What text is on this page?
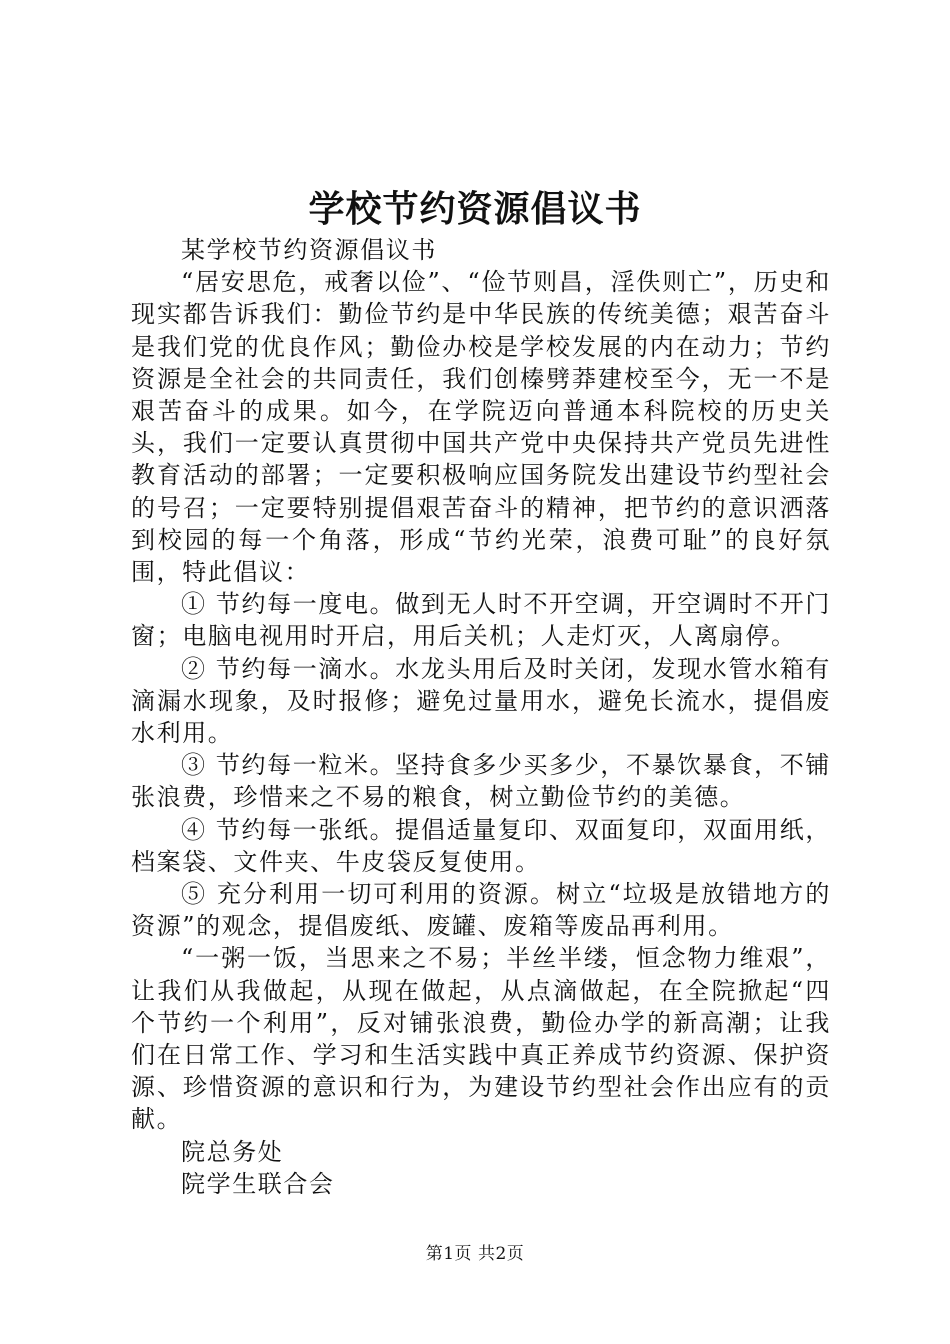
学校节约资源倡议书

某学校节约资源倡议书

“居安思危，戒奢以俭”、“俭节则昌，淫佚则亡”，历史和现实都告诉我们：勤俭节约是中华民族的传统美德；艰苦奋斗是我们党的优良作风；勤俭办校是学校发展的内在动力；节约资源是全社会的共同责任，我们创榛劈莽建校至今，无一不是艰苦奋斗的成果。如今，在学院迈向普通本科院校的历史关头，我们一定要认真贯彻中国共产党中央保持共产党员先进性教育活动的部署；一定要积极响应国务院发出建设节约型社会的号召；一定要特别提倡艰苦奋斗的精神，把节约的意识洒落到校园的每一个角落，形成“节约光荣，浪费可耻”的良好氛围，特此倡议：

① 节约每一度电。做到无人时不开空调，开空调时不开门窗；电脑电视用时开启，用后关机；人走灯灭，人离扇停。

② 节约每一滴水。水龙头用后及时关闭，发现水管水箱有滴漏水现象，及时报修；避免过量用水，避免长流水，提倡废水利用。

③ 节约每一粒米。坚持食多少买多少，不暴饮暴食，不铺张浪费，珍惜来之不易的粮食，树立勤俭节约的美德。

④ 节约每一张纸。提倡适量复印、双面复印，双面用纸，档案袋、文件夹、牛皮袋反复使用。

⑤ 充分利用一切可利用的资源。树立“垃圾是放错地方的资源”的观念，提倡废纸、废罐、废箱等废品再利用。

“一粥一饭，当思来之不易；半丝半缕，恒念物力维艰”，让我们从我做起，从现在做起，从点滴做起，在全院掀起“四个节约一个利用”，反对铺张浪费，勤俭办学的新高潮；让我们在日常工作、学习和生活实践中真正养成节约资源、保护资源、珍惜资源的意识和行为，为建设节约型社会作出应有的贡献。

院总务处

院学生联合会

第1页 共2页
